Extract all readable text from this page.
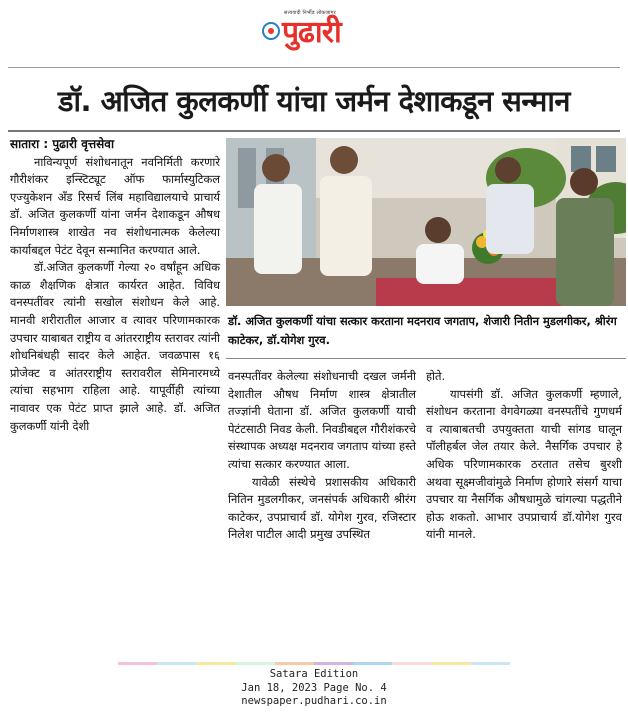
सत्यवादी निर्भीड लोकजागर
पुढारी
डॉ. अजित कुलकर्णी यांचा जर्मन देशाकडून सन्मान

सातारा : पुढारी वृत्तसेवा

नाविन्यपूर्ण संशोधनातून नवनिर्मिती करणारे गौरीशंकर इन्स्टिट्यूट ऑफ फार्मास्युटिकल एज्युकेशन अँड रिसर्च लिंब महाविद्यालयाचे प्राचार्य डॉ. अजित कुलकर्णी यांना जर्मन देशाकडून औषध निर्माणशास्त्र शाखेत नव संशोधनात्मक केलेल्या कार्याबद्दल पेटंट देवून सन्मानित करण्यात आले.

डॉ.अजित कुलकर्णी गेल्या २० वर्षांहून अधिक काळ शैक्षणिक क्षेत्रात कार्यरत आहेत. विविध वनस्पतींवर त्यांनी सखोल संशोधन केले आहे. मानवी शरीरातील आजार व त्यावर परिणामकारक उपचार याबाबत राष्ट्रीय व आंतरराष्ट्रीय स्तरावर त्यांनी शोधनिबंधही सादर केले आहेत. जवळपास १६ प्रोजेक्ट व आंतरराष्ट्रीय स्तरावरील सेमिनारमध्ये त्यांचा सहभाग राहिला आहे. यापूर्वीही त्यांच्या नावावर एक पेटंट प्राप्त झाले आहे. डॉ. अजित कुलकर्णी यांनी देशी

डॉ. अजित कुलकर्णी यांचा सत्कार करताना मदनराव जगताप, शेजारी नितीन मुडलगीकर, श्रीरंग काटेकर, डॉ.योगेश गुरव.

वनस्पतींवर केलेल्या संशोधनाची दखल जर्मनी देशातील औषध निर्माण शास्त्र क्षेत्रातील तज्ज्ञांनी घेताना डॉ. अजित कुलकर्णी याची पेटंटसाठी निवड केली. निवडीबद्दल गौरीशंकरचे संस्थापक अध्यक्ष मदनराव जगताप यांच्या हस्ते त्यांचा सत्कार करण्यात आला.

यावेळी संस्थेचे प्रशासकीय अधिकारी नितिन मुडलगीकर, जनसंपर्क अधिकारी श्रीरंग काटेकर, उपप्राचार्य डॉ. योगेश गुरव, रजिस्टार निलेश पाटील आदी प्रमुख उपस्थित

होते.

यापसंगी डॉ. अजित कुलकर्णी म्हणाले, संशोधन करताना वेगवेगळ्या वनस्पतींचे गुणधर्म व त्याबाबतची उपयुक्तता याची सांगड घालून पॉलीहर्बल जेल तयार केले. नैसर्गिक उपचार हे अधिक परिणामकारक ठरतात तसेच बुरशी अथवा सूक्ष्मजीवांमुळे निर्माण होणारे संसर्ग याचा उपचार या नैसर्गिक औषधामुळे चांगल्या पद्धतीने होऊ शकतो. आभार उपप्राचार्य डॉ.योगेश गुरव यांनी मानले.

Satara Edition
Jan 18, 2023 Page No. 4
newspaper.pudhari.co.in
